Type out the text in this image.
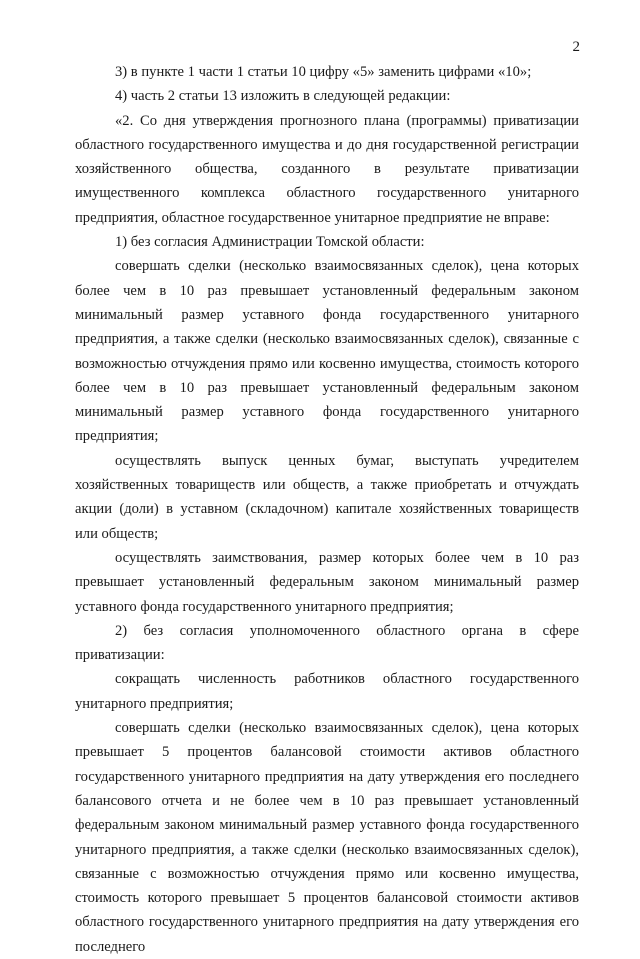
2

3) в пункте 1 части 1 статьи 10 цифру «5» заменить цифрами «10»;

4) часть 2 статьи 13 изложить в следующей редакции:

«2. Со дня утверждения прогнозного плана (программы) приватизации областного государственного имущества и до дня государственной регистрации хозяйственного общества, созданного в результате приватизации имущественного комплекса областного государственного унитарного предприятия, областное государственное унитарное предприятие не вправе:

1) без согласия Администрации Томской области:

совершать сделки (несколько взаимосвязанных сделок), цена которых более чем в 10 раз превышает установленный федеральным законом минимальный размер уставного фонда государственного унитарного предприятия, а также сделки (несколько взаимосвязанных сделок), связанные с возможностью отчуждения прямо или косвенно имущества, стоимость которого более чем в 10 раз превышает установленный федеральным законом минимальный размер уставного фонда государственного унитарного предприятия;

осуществлять выпуск ценных бумаг, выступать учредителем хозяйственных товариществ или обществ, а также приобретать и отчуждать акции (доли) в уставном (складочном) капитале хозяйственных товариществ или обществ;

осуществлять заимствования, размер которых более чем в 10 раз превышает установленный федеральным законом минимальный размер уставного фонда государственного унитарного предприятия;

2) без согласия уполномоченного областного органа в сфере приватизации:

сокращать численность работников областного государственного унитарного предприятия;

совершать сделки (несколько взаимосвязанных сделок), цена которых превышает 5 процентов балансовой стоимости активов областного государственного унитарного предприятия на дату утверждения его последнего балансового отчета и не более чем в 10 раз превышает установленный федеральным законом минимальный размер уставного фонда государственного унитарного предприятия, а также сделки (несколько взаимосвязанных сделок), связанные с возможностью отчуждения прямо или косвенно имущества, стоимость которого превышает 5 процентов балансовой стоимости активов областного государственного унитарного предприятия на дату утверждения его последнего
